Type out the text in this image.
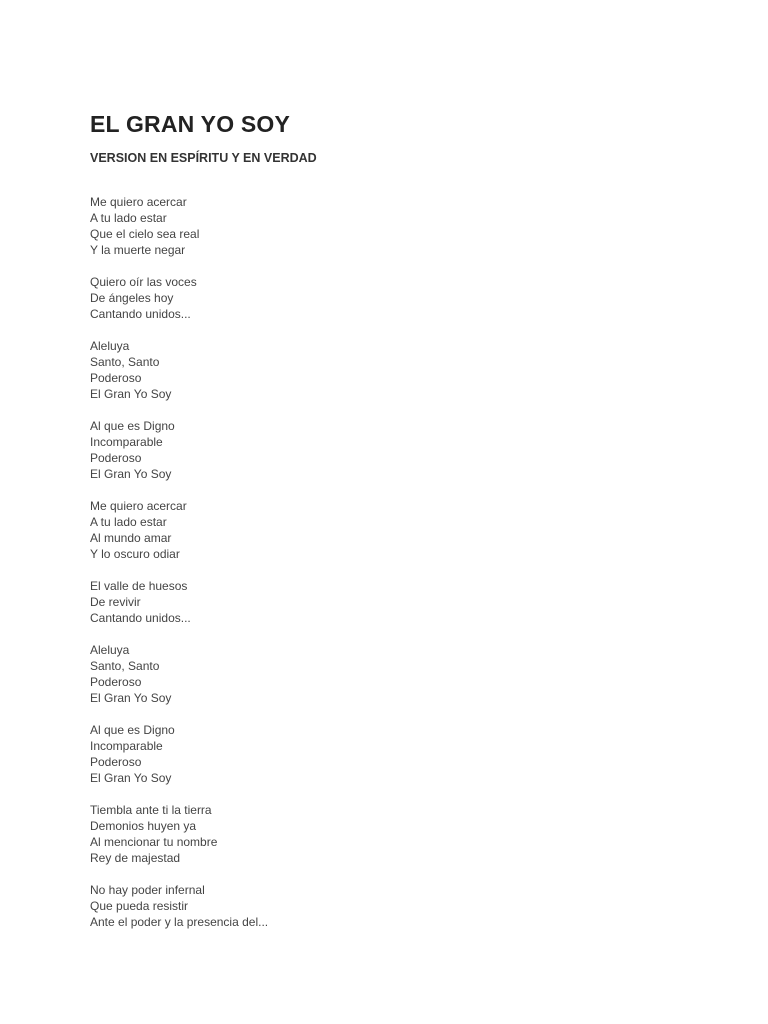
EL GRAN YO SOY
VERSION EN ESPÍRITU Y EN VERDAD
Me quiero acercar
A tu lado estar
Que el cielo sea real
Y la muerte negar
Quiero oír las voces
De ángeles hoy
Cantando unidos...
Aleluya
Santo, Santo
Poderoso
El Gran Yo Soy
Al que es Digno
Incomparable
Poderoso
El Gran Yo Soy
Me quiero acercar
A tu lado estar
Al mundo amar
Y lo oscuro odiar
El valle de huesos
De revivir
Cantando unidos...
Aleluya
Santo, Santo
Poderoso
El Gran Yo Soy
Al que es Digno
Incomparable
Poderoso
El Gran Yo Soy
Tiembla ante ti la tierra
Demonios huyen ya
Al mencionar tu nombre
Rey de majestad
No hay poder infernal
Que pueda resistir
Ante el poder y la presencia del...
